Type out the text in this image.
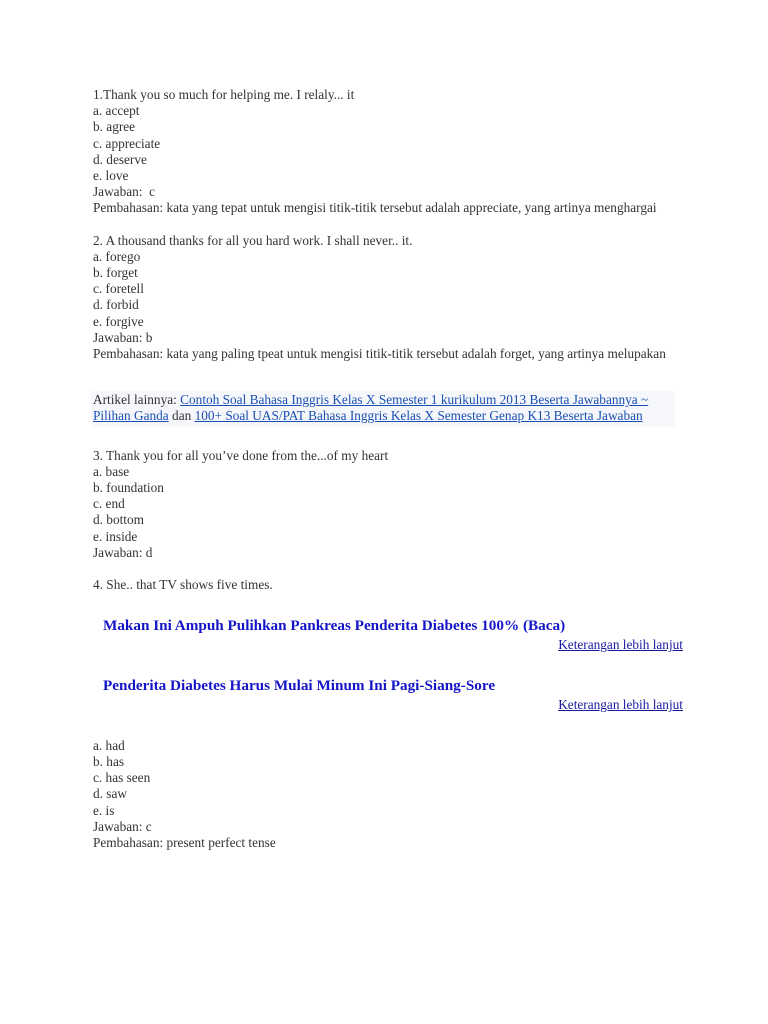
1.Thank you so much for helping me. I relaly... it
a. accept
b. agree
c. appreciate
d. deserve
e. love
Jawaban:  c
Pembahasan: kata yang tepat untuk mengisi titik-titik tersebut adalah appreciate, yang artinya menghargai
2. A thousand thanks for all you hard work. I shall never.. it.
a. forego
b. forget
c. foretell
d. forbid
e. forgive
Jawaban: b
Pembahasan: kata yang paling tpeat untuk mengisi titik-titik tersebut adalah forget, yang artinya melupakan
Artikel lainnya: Contoh Soal Bahasa Inggris Kelas X Semester 1 kurikulum 2013 Beserta Jawabannya ~ Pilihan Ganda dan 100+ Soal UAS/PAT Bahasa Inggris Kelas X Semester Genap K13 Beserta Jawaban
3. Thank you for all you’ve done from the...of my heart
a. base
b. foundation
c. end
d. bottom
e. inside
Jawaban: d
4. She.. that TV shows five times.
Makan Ini Ampuh Pulihkan Pankreas Penderita Diabetes 100% (Baca)
Keterangan lebih lanjut
Penderita Diabetes Harus Mulai Minum Ini Pagi-Siang-Sore
Keterangan lebih lanjut
a. had
b. has
c. has seen
d. saw
e. is
Jawaban: c
Pembahasan: present perfect tense
